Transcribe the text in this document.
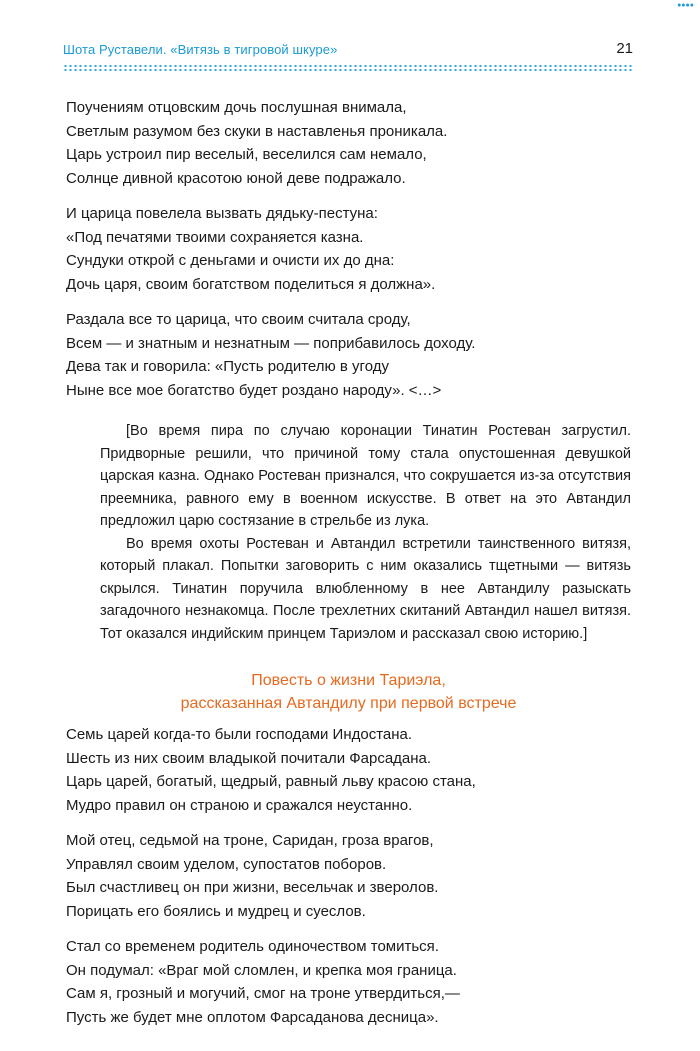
●●●●
Шота Руставели. «Витязь в тигровой шкуре»	21
Поучениям отцовским дочь послушная внимала,
Светлым разумом без скуки в наставленья проникала.
Царь устроил пир веселый, веселился сам немало,
Солнце дивной красотою юной деве подражало.
И царица повелела вызвать дядьку-пестуна:
«Под печатями твоими сохраняется казна.
Сундуки открой с деньгами и очисти их до дна:
Дочь царя, своим богатством поделиться я должна».
Раздала все то царица, что своим считала сроду,
Всем — и знатным и незнатным — поприбавилось доходу.
Дева так и говорила: «Пусть родителю в угоду
Ныне все мое богатство будет роздано народу». <…>

[Во время пира по случаю коронации Тинатин Ростеван загрустил. Придворные решили, что причиной тому стала опустошенная девушкой царская казна. Однако Ростеван признался, что сокрушается из-за отсутствия преемника, равного ему в военном искусстве. В ответ на это Автандил предложил царю состязание в стрельбе из лука.

Во время охоты Ростеван и Автандил встретили таинственного витязя, который плакал. Попытки заговорить с ним оказались тщетными — витязь скрылся. Тинатин поручила влюбленному в нее Автандилу разыскать загадочного незнакомца. После трехлетних скитаний Автандил нашел витязя. Тот оказался индийским принцем Тариэлом и рассказал свою историю.]

Повесть о жизни Тариэла,
рассказанная Автандилу при первой встрече
Семь царей когда-то были господами Индостана.
Шесть из них своим владыкой почитали Фарсадана.
Царь царей, богатый, щедрый, равный льву красою стана,
Мудро правил он страною и сражался неустанно.
Мой отец, седьмой на троне, Саридан, гроза врагов,
Управлял своим уделом, супостатов поборов.
Был счастливец он при жизни, весельчак и зверолов.
Порицать его боялись и мудрец и суеслов.
Стал со временем родитель одиночеством томиться.
Он подумал: «Враг мой сломлен, и крепка моя граница.
Сам я, грозный и могучий, смог на троне утвердиться,—
Пусть же будет мне оплотом Фарсаданова десница».
